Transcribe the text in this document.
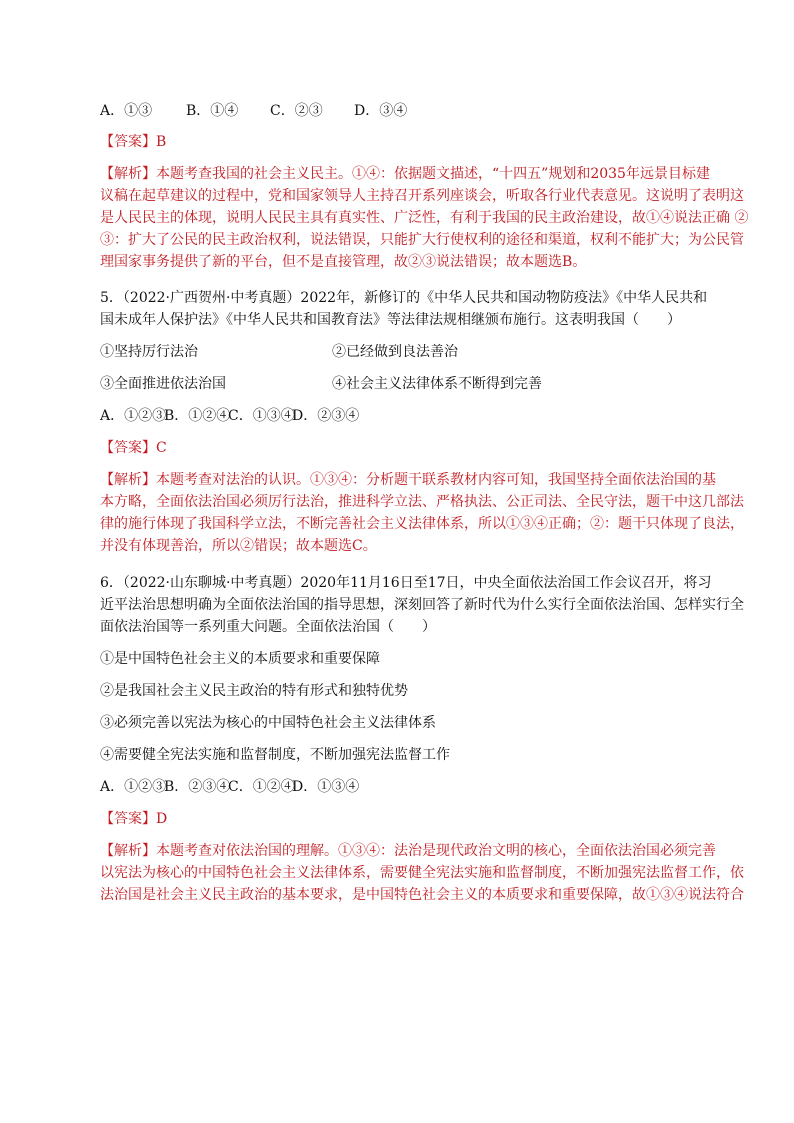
A．①③ B．①④ C．②③ D．③④
【答案】B
【解析】本题考查我国的社会主义民主。①④：依据题文描述，“十四五”规划和2035年远景目标建
议稿在起草建议的过程中，党和国家领导人主持召开系列座谈会，听取各行业代表意见。这说明了表明这
是人民民主的体现，说明人民民主具有真实性、广泛性，有利于我国的民主政治建设，故①④说法正确 ②
③：扩大了公民的民主政治权利，说法错误，只能扩大行使权利的途径和渠道，权利不能扩大；为公民管
理国家事务提供了新的平台，但不是直接管理，故②③说法错误；故本题选B。
5．（2022·广西贺州·中考真题）2022年，新修订的《中华人民共和国动物防疫法》《中华人民共和
国未成年人保护法》《中华人民共和国教育法》等法律法规相继颁布施行。这表明我国（　　）
①坚持厉行法治	②已经做到良法善治
③全面推进依法治国	④社会主义法律体系不断得到完善
A．①②③B．①②④C．①③④D．②③④
【答案】C
【解析】本题考查对法治的认识。①③④：分析题干联系教材内容可知，我国坚持全面依法治国的基
本方略，全面依法治国必须厉行法治，推进科学立法、严格执法、公正司法、全民守法，题干中这几部法
律的施行体现了我国科学立法，不断完善社会主义法律体系，所以①③④正确；②：题干只体现了良法，
并没有体现善治，所以②错误；故本题选C。
6．（2022·山东聊城·中考真题）2020年11月16日至17日，中央全面依法治国工作会议召开，将习
近平法治思想明确为全面依法治国的指导思想，深刻回答了新时代为什么实行全面依法治国、怎样实行全
面依法治国等一系列重大问题。全面依法治国（　　）
①是中国特色社会主义的本质要求和重要保障
②是我国社会主义民主政治的特有形式和独特优势
③必须完善以宪法为核心的中国特色社会主义法律体系
④需要健全宪法实施和监督制度，不断加强宪法监督工作
A．①②③B．②③④C．①②④D．①③④
【答案】D
【解析】本题考查对依法治国的理解。①③④：法治是现代政治文明的核心，全面依法治国必须完善
以宪法为核心的中国特色社会主义法律体系，需要健全宪法实施和监督制度，不断加强宪法监督工作，依
法治国是社会主义民主政治的基本要求，是中国特色社会主义的本质要求和重要保障，故①③④说法符合
